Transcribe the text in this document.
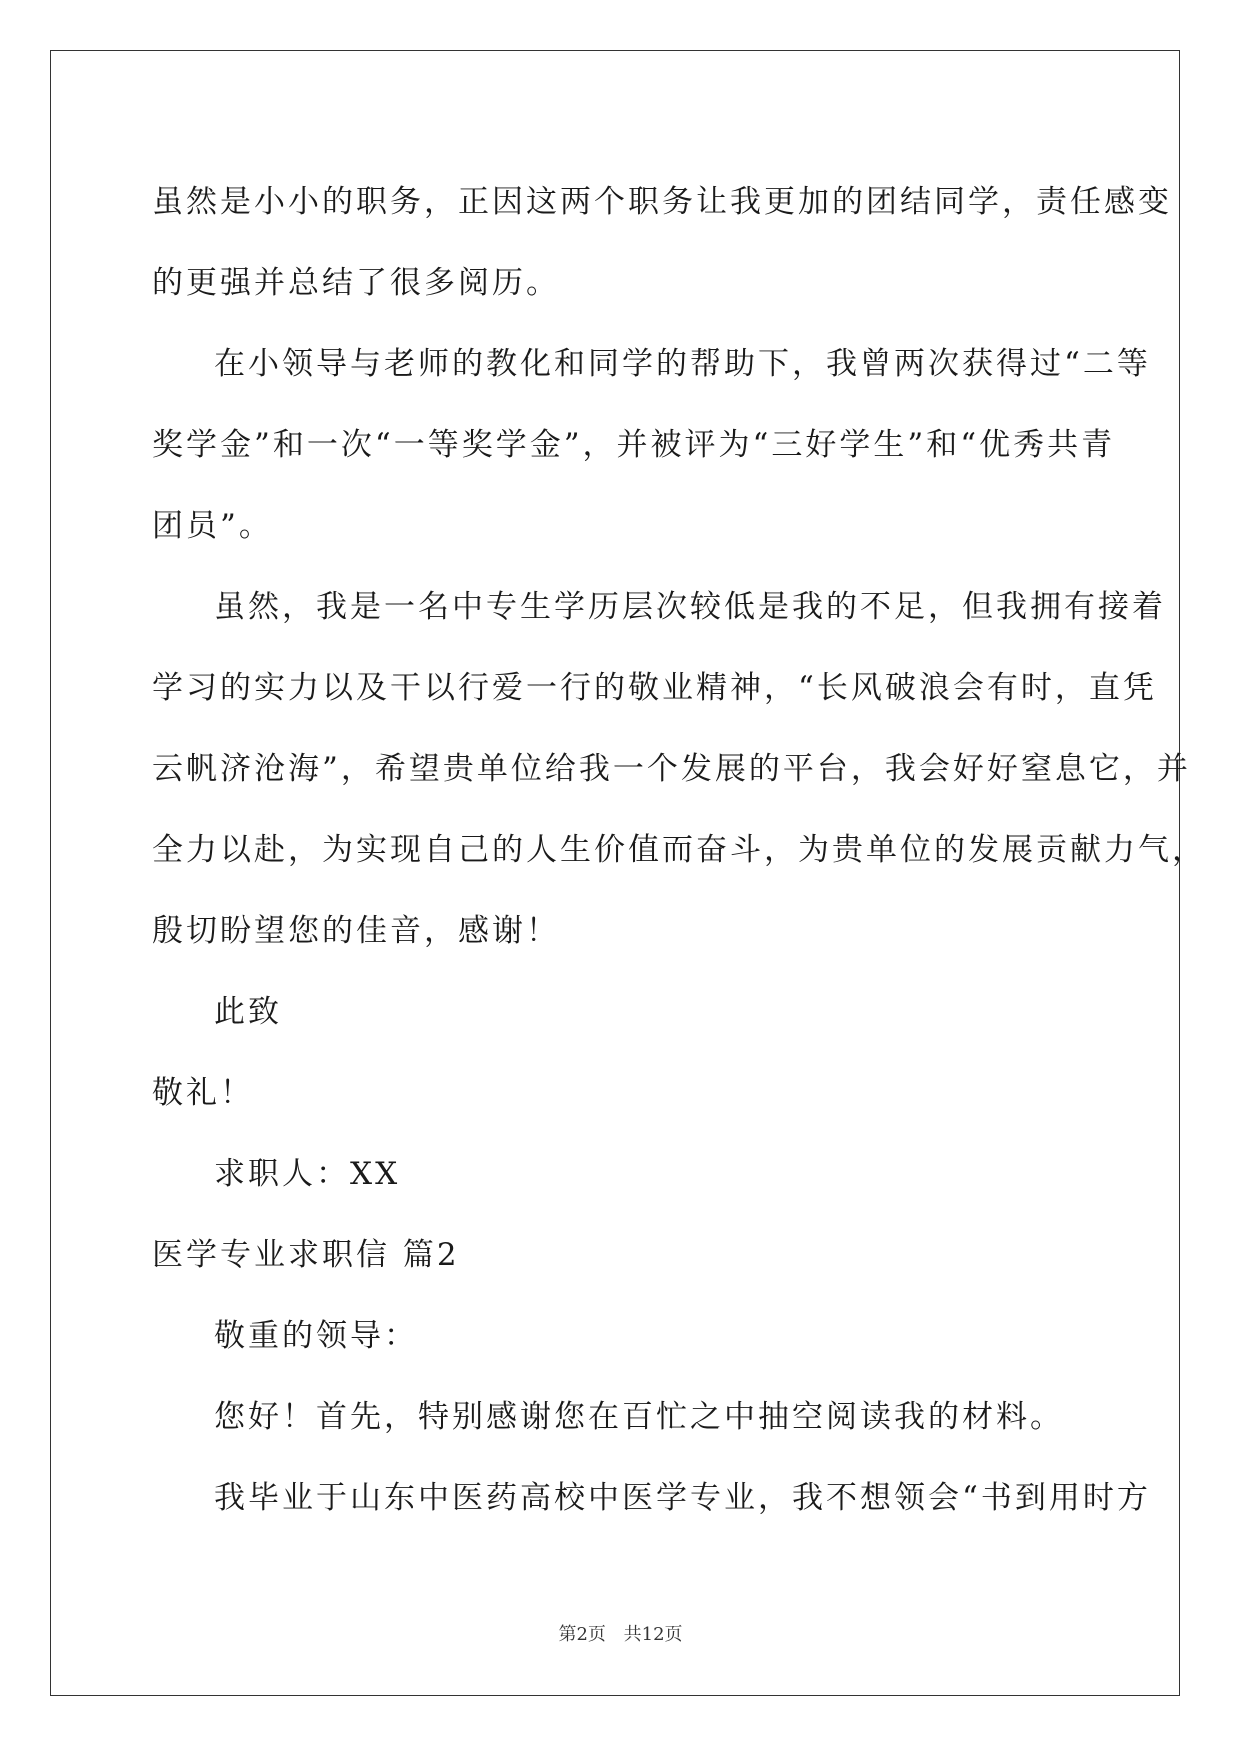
虽然是小小的职务，正因这两个职务让我更加的团结同学，责任感变
的更强并总结了很多阅历。
在小领导与老师的教化和同学的帮助下，我曾两次获得过“二等
奖学金”和一次“一等奖学金”，并被评为“三好学生”和“优秀共青
团员”。
虽然，我是一名中专生学历层次较低是我的不足，但我拥有接着
学习的实力以及干以行爱一行的敬业精神，“长风破浪会有时，直凭
云帆济沧海”，希望贵单位给我一个发展的平台，我会好好窒息它，并
全力以赴，为实现自己的人生价值而奋斗，为贵单位的发展贡献力气，
殷切盼望您的佳音，感谢！
此致
敬礼！
求职人：XX
医学专业求职信 篇2
敬重的领导：
您好！首先，特别感谢您在百忙之中抽空阅读我的材料。
我毕业于山东中医药高校中医学专业，我不想领会“书到用时方
第2页 共12页
